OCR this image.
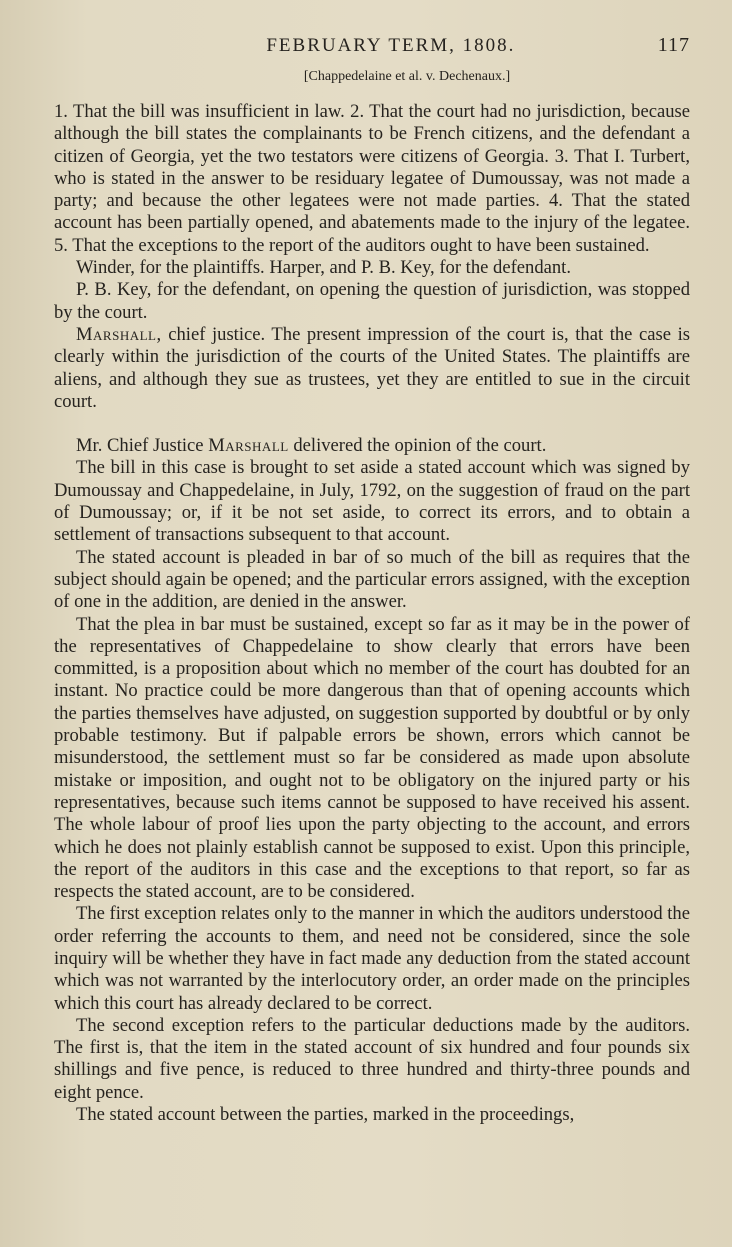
FEBRUARY TERM, 1808.	117
[Chappedelaine et al. v. Dechenaux.]

1. That the bill was insufficient in law. 2. That the court had no jurisdiction, because although the bill states the complainants to be French citizens, and the defendant a citizen of Georgia, yet the two testators were citizens of Georgia. 3. That I. Turbert, who is stated in the answer to be residuary legatee of Dumoussay, was not made a party; and because the other legatees were not made parties. 4. That the stated account has been partially opened, and abatements made to the injury of the legatee. 5. That the exceptions to the report of the auditors ought to have been sustained.

Winder, for the plaintiffs. Harper, and P. B. Key, for the defendant.

P. B. Key, for the defendant, on opening the question of jurisdiction, was stopped by the court.

Marshall, chief justice. The present impression of the court is, that the case is clearly within the jurisdiction of the courts of the United States. The plaintiffs are aliens, and although they sue as trustees, yet they are entitled to sue in the circuit court.

Mr. Chief Justice Marshall delivered the opinion of the court.

The bill in this case is brought to set aside a stated account which was signed by Dumoussay and Chappedelaine, in July, 1792, on the suggestion of fraud on the part of Dumoussay; or, if it be not set aside, to correct its errors, and to obtain a settlement of transactions subsequent to that account.

The stated account is pleaded in bar of so much of the bill as requires that the subject should again be opened; and the particular errors assigned, with the exception of one in the addition, are denied in the answer.

That the plea in bar must be sustained, except so far as it may be in the power of the representatives of Chappedelaine to show clearly that errors have been committed, is a proposition about which no member of the court has doubted for an instant. No practice could be more dangerous than that of opening accounts which the parties themselves have adjusted, on suggestion supported by doubtful or by only probable testimony. But if palpable errors be shown, errors which cannot be misunderstood, the settlement must so far be considered as made upon absolute mistake or imposition, and ought not to be obligatory on the injured party or his representatives, because such items cannot be supposed to have received his assent. The whole labour of proof lies upon the party objecting to the account, and errors which he does not plainly establish cannot be supposed to exist. Upon this principle, the report of the auditors in this case and the exceptions to that report, so far as respects the stated account, are to be considered.

The first exception relates only to the manner in which the auditors understood the order referring the accounts to them, and need not be considered, since the sole inquiry will be whether they have in fact made any deduction from the stated account which was not warranted by the interlocutory order, an order made on the principles which this court has already declared to be correct.

The second exception refers to the particular deductions made by the auditors. The first is, that the item in the stated account of six hundred and four pounds six shillings and five pence, is reduced to three hundred and thirty-three pounds and eight pence.

The stated account between the parties, marked in the proceedings,
